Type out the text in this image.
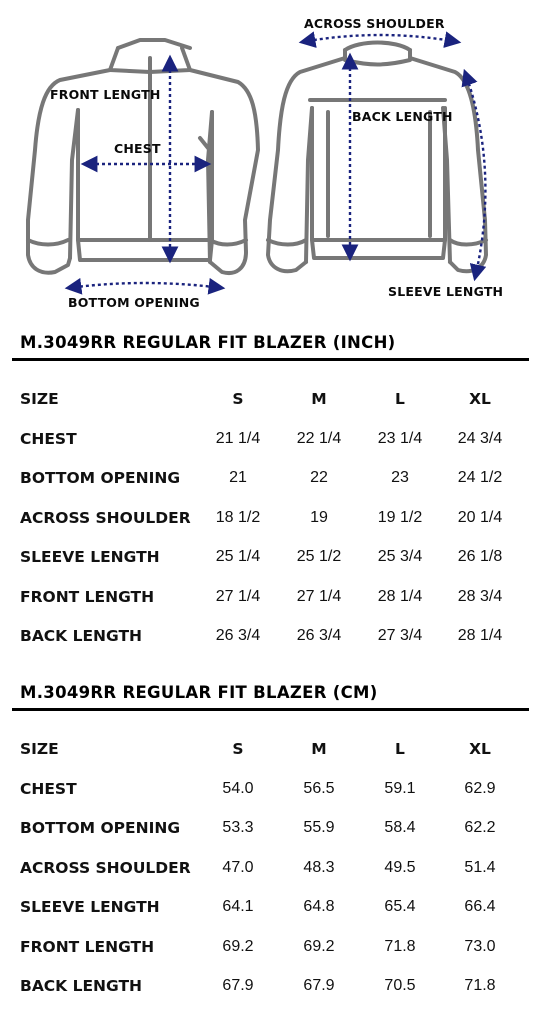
FRONT LENGTH
CHEST
BOTTOM OPENING
ACROSS SHOULDER
BACK LENGTH
SLEEVE LENGTH
M.3049RR REGULAR FIT BLAZER (INCH)
SIZE	S	M	L	XL
CHEST	21 1/4	22 1/4	23 1/4	24 3/4
BOTTOM OPENING	21	22	23	24 1/2
ACROSS SHOULDER	18 1/2	19	19 1/2	20 1/4
SLEEVE LENGTH	25 1/4	25 1/2	25 3/4	26 1/8
FRONT LENGTH	27 1/4	27 1/4	28 1/4	28 3/4
BACK LENGTH	26 3/4	26 3/4	27 3/4	28 1/4
M.3049RR REGULAR FIT BLAZER (CM)
SIZE	S	M	L	XL
CHEST	54.0	56.5	59.1	62.9
BOTTOM OPENING	53.3	55.9	58.4	62.2
ACROSS SHOULDER	47.0	48.3	49.5	51.4
SLEEVE LENGTH	64.1	64.8	65.4	66.4
FRONT LENGTH	69.2	69.2	71.8	73.0
BACK LENGTH	67.9	67.9	70.5	71.8
